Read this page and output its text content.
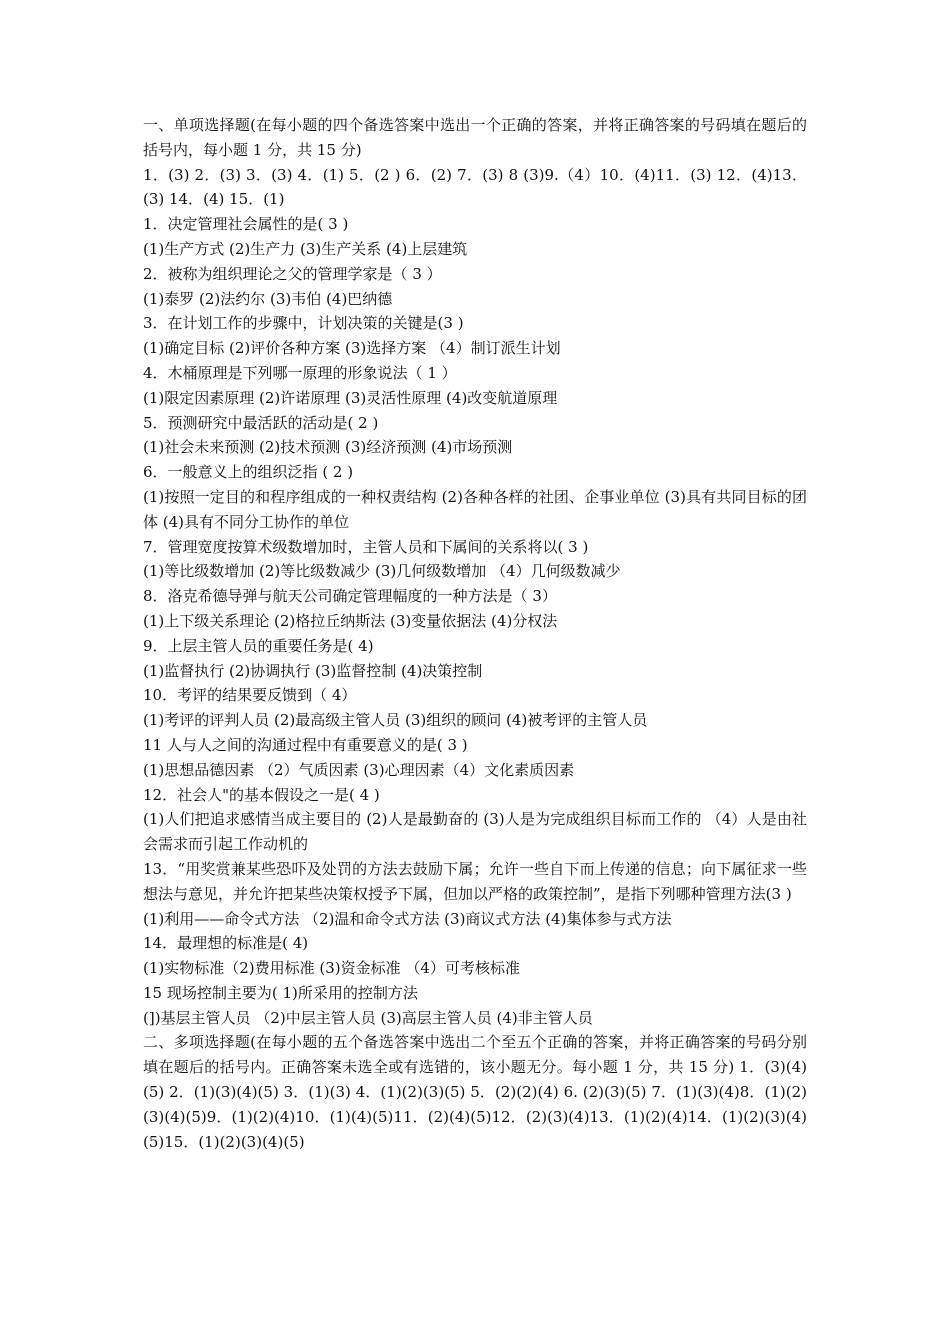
一、单项选择题(在每小题的四个备选答案中选出一个正确的答案，并将正确答案的号码填在题后的括号内，每小题 1 分，共 15 分)

1．(3) 2．(3) 3．(3) 4．(1) 5．(2 ) 6．(2) 7．(3) 8 (3)9.（4）10．(4)11．(3) 12．(4)13．(3) 14．(4) 15．(1)

1．决定管理社会属性的是( 3 )

(1)生产方式 (2)生产力 (3)生产关系 (4)上层建筑

2．被称为组织理论之父的管理学家是（ 3 ）

(1)泰罗 (2)法约尔 (3)韦伯 (4)巴纳德

3．在计划工作的步骤中，计划决策的关键是(3 )

(1)确定目标 (2)评价各种方案 (3)选择方案 （4）制订派生计划

4．木桶原理是下列哪一原理的形象说法（ 1 ）

(1)限定因素原理 (2)许诺原理 (3)灵活性原理 (4)改变航道原理

5．预测研究中最活跃的活动是( 2 )

(1)社会未来预测 (2)技术预测 (3)经济预测 (4)市场预测

6．一般意义上的组织泛指 ( 2 )

(1)按照一定目的和程序组成的一种权责结构 (2)各种各样的社团、企事业单位 (3)具有共同目标的团体 (4)具有不同分工协作的单位

7．管理宽度按算术级数增加时，主管人员和下属间的关系将以( 3 )

(1)等比级数增加 (2)等比级数减少 (3)几何级数增加 （4）几何级数减少

8．洛克希德导弹与航天公司确定管理幅度的一种方法是（ 3）

(1)上下级关系理论 (2)格拉丘纳斯法 (3)变量依据法 (4)分权法

9．上层主管人员的重要任务是( 4)

(1)监督执行 (2)协调执行 (3)监督控制 (4)决策控制

10．考评的结果要反馈到（ 4）

(1)考评的评判人员 (2)最高级主管人员 (3)组织的顾问 (4)被考评的主管人员

11 人与人之间的沟通过程中有重要意义的是( 3 )

(1)思想品德因素 （2）气质因素 (3)心理因素（4）文化素质因素

12．社会人"的基本假设之一是( 4 )

(1)人们把追求感情当成主要目的 (2)人是最勤奋的 (3)人是为完成组织目标而工作的 （4）人是由社会需求而引起工作动机的

13．“用奖赏兼某些恐吓及处罚的方法去鼓励下属；允许一些自下而上传递的信息；向下属征求一些想法与意见，并允许把某些决策权授予下属，但加以严格的政策控制”，是指下列哪种管理方法(3 )

(1)利用——命令式方法 （2)温和命令式方法 (3)商议式方法 (4)集体参与式方法

14．最理想的标准是( 4)

(1)实物标准（2)费用标准 (3)资金标准 （4）可考核标准

15 现场控制主要为( 1)所采用的控制方法

(])基层主管人员 （2)中层主管人员 (3)高层主管人员 (4)非主管人员

二、多项选择题(在每小题的五个备选答案中选出二个至五个正确的答案，并将正确答案的号码分别填在题后的括号内。正确答案未选全或有选错的，该小题无分。每小题 1 分，共 15 分) 1．(3)(4)(5) 2．(1)(3)(4)(5) 3．(1)(3) 4．(1)(2)(3)(5) 5．(2)(2)(4) 6. (2)(3)(5) 7．(1)(3)(4)8．(1)(2)(3)(4)(5)9．(1)(2)(4)10．(1)(4)(5)11．(2)(4)(5)12．(2)(3)(4)13．(1)(2)(4)14．(1)(2)(3)(4)(5)15．(1)(2)(3)(4)(5)
